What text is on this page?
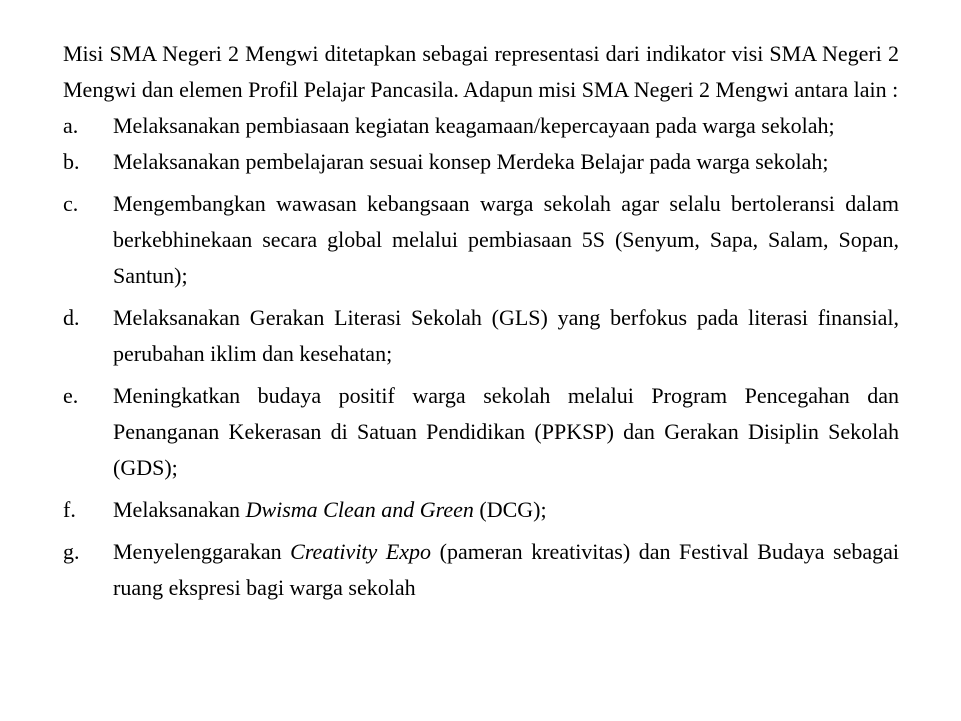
Misi SMA Negeri 2 Mengwi ditetapkan sebagai representasi dari indikator visi SMA Negeri 2 Mengwi dan elemen Profil Pelajar Pancasila. Adapun misi SMA Negeri 2 Mengwi antara lain :

a. Melaksanakan pembiasaan kegiatan keagamaan/kepercayaan pada warga sekolah;
b. Melaksanakan pembelajaran sesuai konsep Merdeka Belajar pada warga sekolah;
c. Mengembangkan wawasan kebangsaan warga sekolah agar selalu bertoleransi dalam berkebhinekaan secara global melalui pembiasaan 5S (Senyum, Sapa, Salam, Sopan, Santun);
d. Melaksanakan Gerakan Literasi Sekolah (GLS) yang berfokus pada literasi finansial, perubahan iklim dan kesehatan;
e. Meningkatkan budaya positif warga sekolah melalui Program Pencegahan dan Penanganan Kekerasan di Satuan Pendidikan (PPKSP) dan Gerakan Disiplin Sekolah (GDS);
f. Melaksanakan Dwisma Clean and Green (DCG);
g. Menyelenggarakan Creativity Expo (pameran kreativitas) dan Festival Budaya sebagai ruang ekspresi bagi warga sekolah
